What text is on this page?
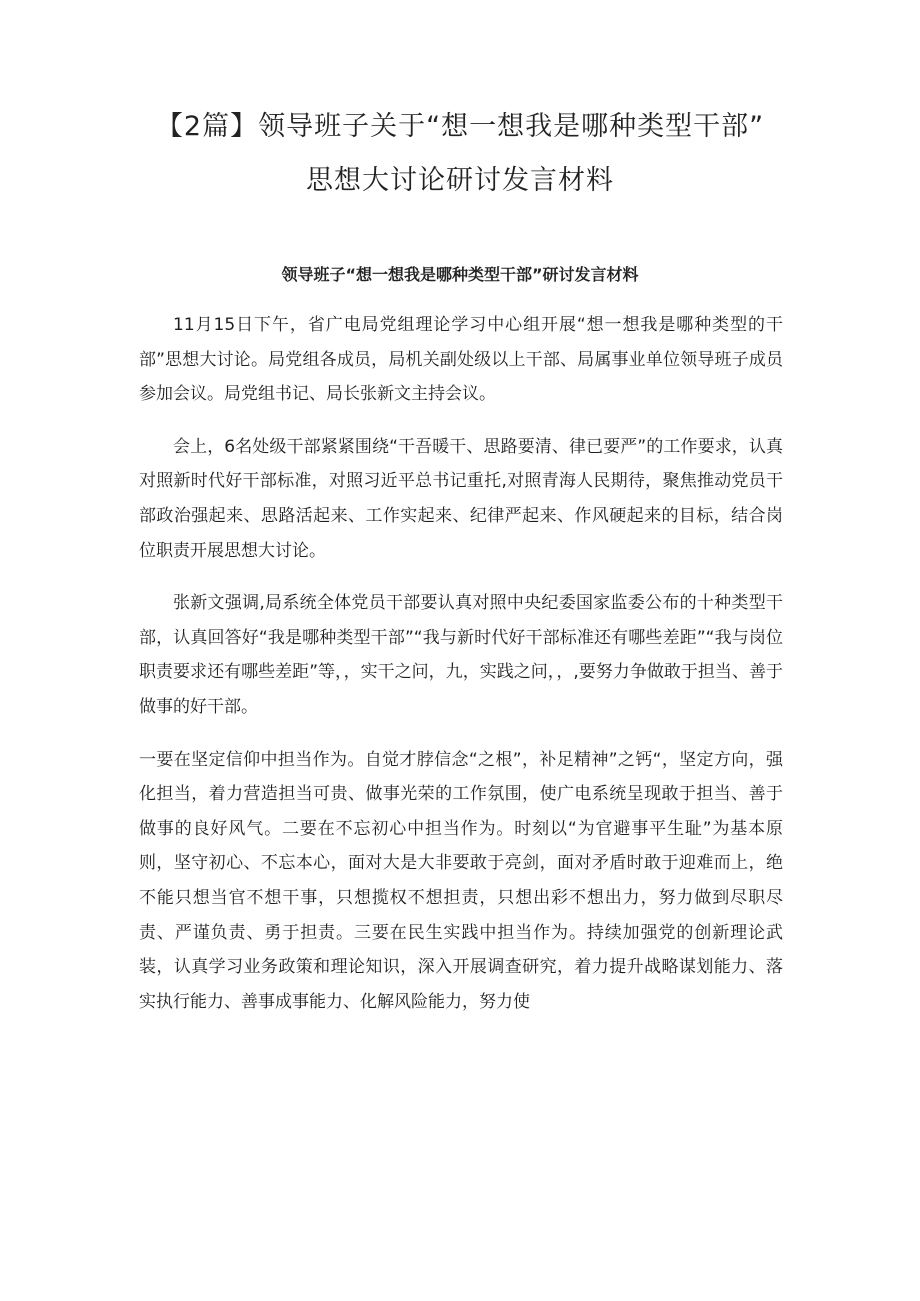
【2篇】领导班子关于“想一想我是哪种类型干部”
思想大讨论研讨发言材料
领导班子“想一想我是哪种类型干部”研讨发言材料

11月15日下午，省广电局党组理论学习中心组开展“想一想我是哪种类型的干部”思想大讨论。局党组各成员，局机关副处级以上干部、局属事业单位领导班子成员参加会议。局党组书记、局长张新文主持会议。

会上，6名处级干部紧紧围绕“干吾暖干、思路要清、律已要严”的工作要求，认真对照新时代好干部标准，对照习近平总书记重托,对照青海人民期待，聚焦推动党员干部政治强起来、思路活起来、工作实起来、纪律严起来、作风硬起来的目标，结合岗位职责开展思想大讨论。

张新文强调,局系统全体党员干部要认真对照中央纪委国家监委公布的十种类型干部，认真回答好“我是哪种类型干部”“我与新时代好干部标准还有哪些差距”“我与岗位职责要求还有哪些差距”等，，实干之问，九，实践之问，，,要努力争做敢于担当、善于做事的好干部。

一要在坚定信仰中担当作为。自觉才脖信念“之根”，补足精神”之钙“，坚定方向，强化担当，着力营造担当可贵、做事光荣的工作氛围，使广电系统呈现敢于担当、善于做事的良好风气。二要在不忘初心中担当作为。时刻以“为官避事平生耻”为基本原则，坚守初心、不忘本心，面对大是大非要敢于亮剑，面对矛盾时敢于迎难而上，绝不能只想当官不想干事，只想揽权不想担责，只想出彩不想出力，努力做到尽职尽责、严谨负责、勇于担责。三要在民生实践中担当作为。持续加强党的创新理论武装，认真学习业务政策和理论知识，深入开展调查研究，着力提升战略谋划能力、落实执行能力、善事成事能力、化解风险能力，努力使
